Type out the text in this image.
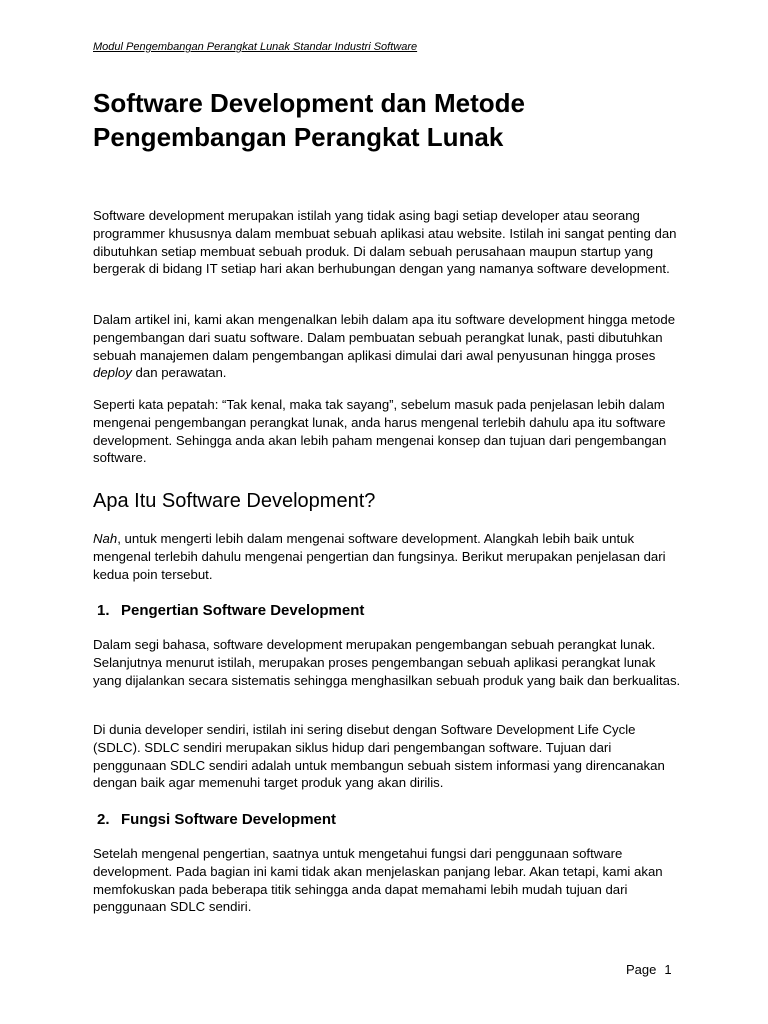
Modul Pengembangan Perangkat Lunak Standar Industri Software
Software Development dan Metode
Pengembangan Perangkat Lunak

Software development merupakan istilah yang tidak asing bagi setiap developer atau seorang programmer khususnya dalam membuat sebuah aplikasi atau website. Istilah ini sangat penting dan dibutuhkan setiap membuat sebuah produk. Di dalam sebuah perusahaan maupun startup yang bergerak di bidang IT setiap hari akan berhubungan dengan yang namanya software development.

Dalam artikel ini, kami akan mengenalkan lebih dalam apa itu software development hingga metode pengembangan dari suatu software. Dalam pembuatan sebuah perangkat lunak, pasti dibutuhkan sebuah manajemen dalam pengembangan aplikasi dimulai dari awal penyusunan hingga proses deploy dan perawatan.

Seperti kata pepatah: “Tak kenal, maka tak sayang”, sebelum masuk pada penjelasan lebih dalam mengenai pengembangan perangkat lunak, anda harus mengenal terlebih dahulu apa itu software development. Sehingga anda akan lebih paham mengenai konsep dan tujuan dari pengembangan software.

Apa Itu Software Development?

Nah, untuk mengerti lebih dalam mengenai software development. Alangkah lebih baik untuk mengenal terlebih dahulu mengenai pengertian dan fungsinya. Berikut merupakan penjelasan dari kedua poin tersebut.

1. Pengertian Software Development

Dalam segi bahasa, software development merupakan pengembangan sebuah perangkat lunak. Selanjutnya menurut istilah, merupakan proses pengembangan sebuah aplikasi perangkat lunak yang dijalankan secara sistematis sehingga menghasilkan sebuah produk yang baik dan berkualitas.

Di dunia developer sendiri, istilah ini sering disebut dengan Software Development Life Cycle (SDLC). SDLC sendiri merupakan siklus hidup dari pengembangan software. Tujuan dari penggunaan SDLC sendiri adalah untuk membangun sebuah sistem informasi yang direncanakan dengan baik agar memenuhi target produk yang akan dirilis.

2. Fungsi Software Development

Setelah mengenal pengertian, saatnya untuk mengetahui fungsi dari penggunaan software development. Pada bagian ini kami tidak akan menjelaskan panjang lebar. Akan tetapi, kami akan memfokuskan pada beberapa titik sehingga anda dapat memahami lebih mudah tujuan dari penggunaan SDLC sendiri.

Page 1
